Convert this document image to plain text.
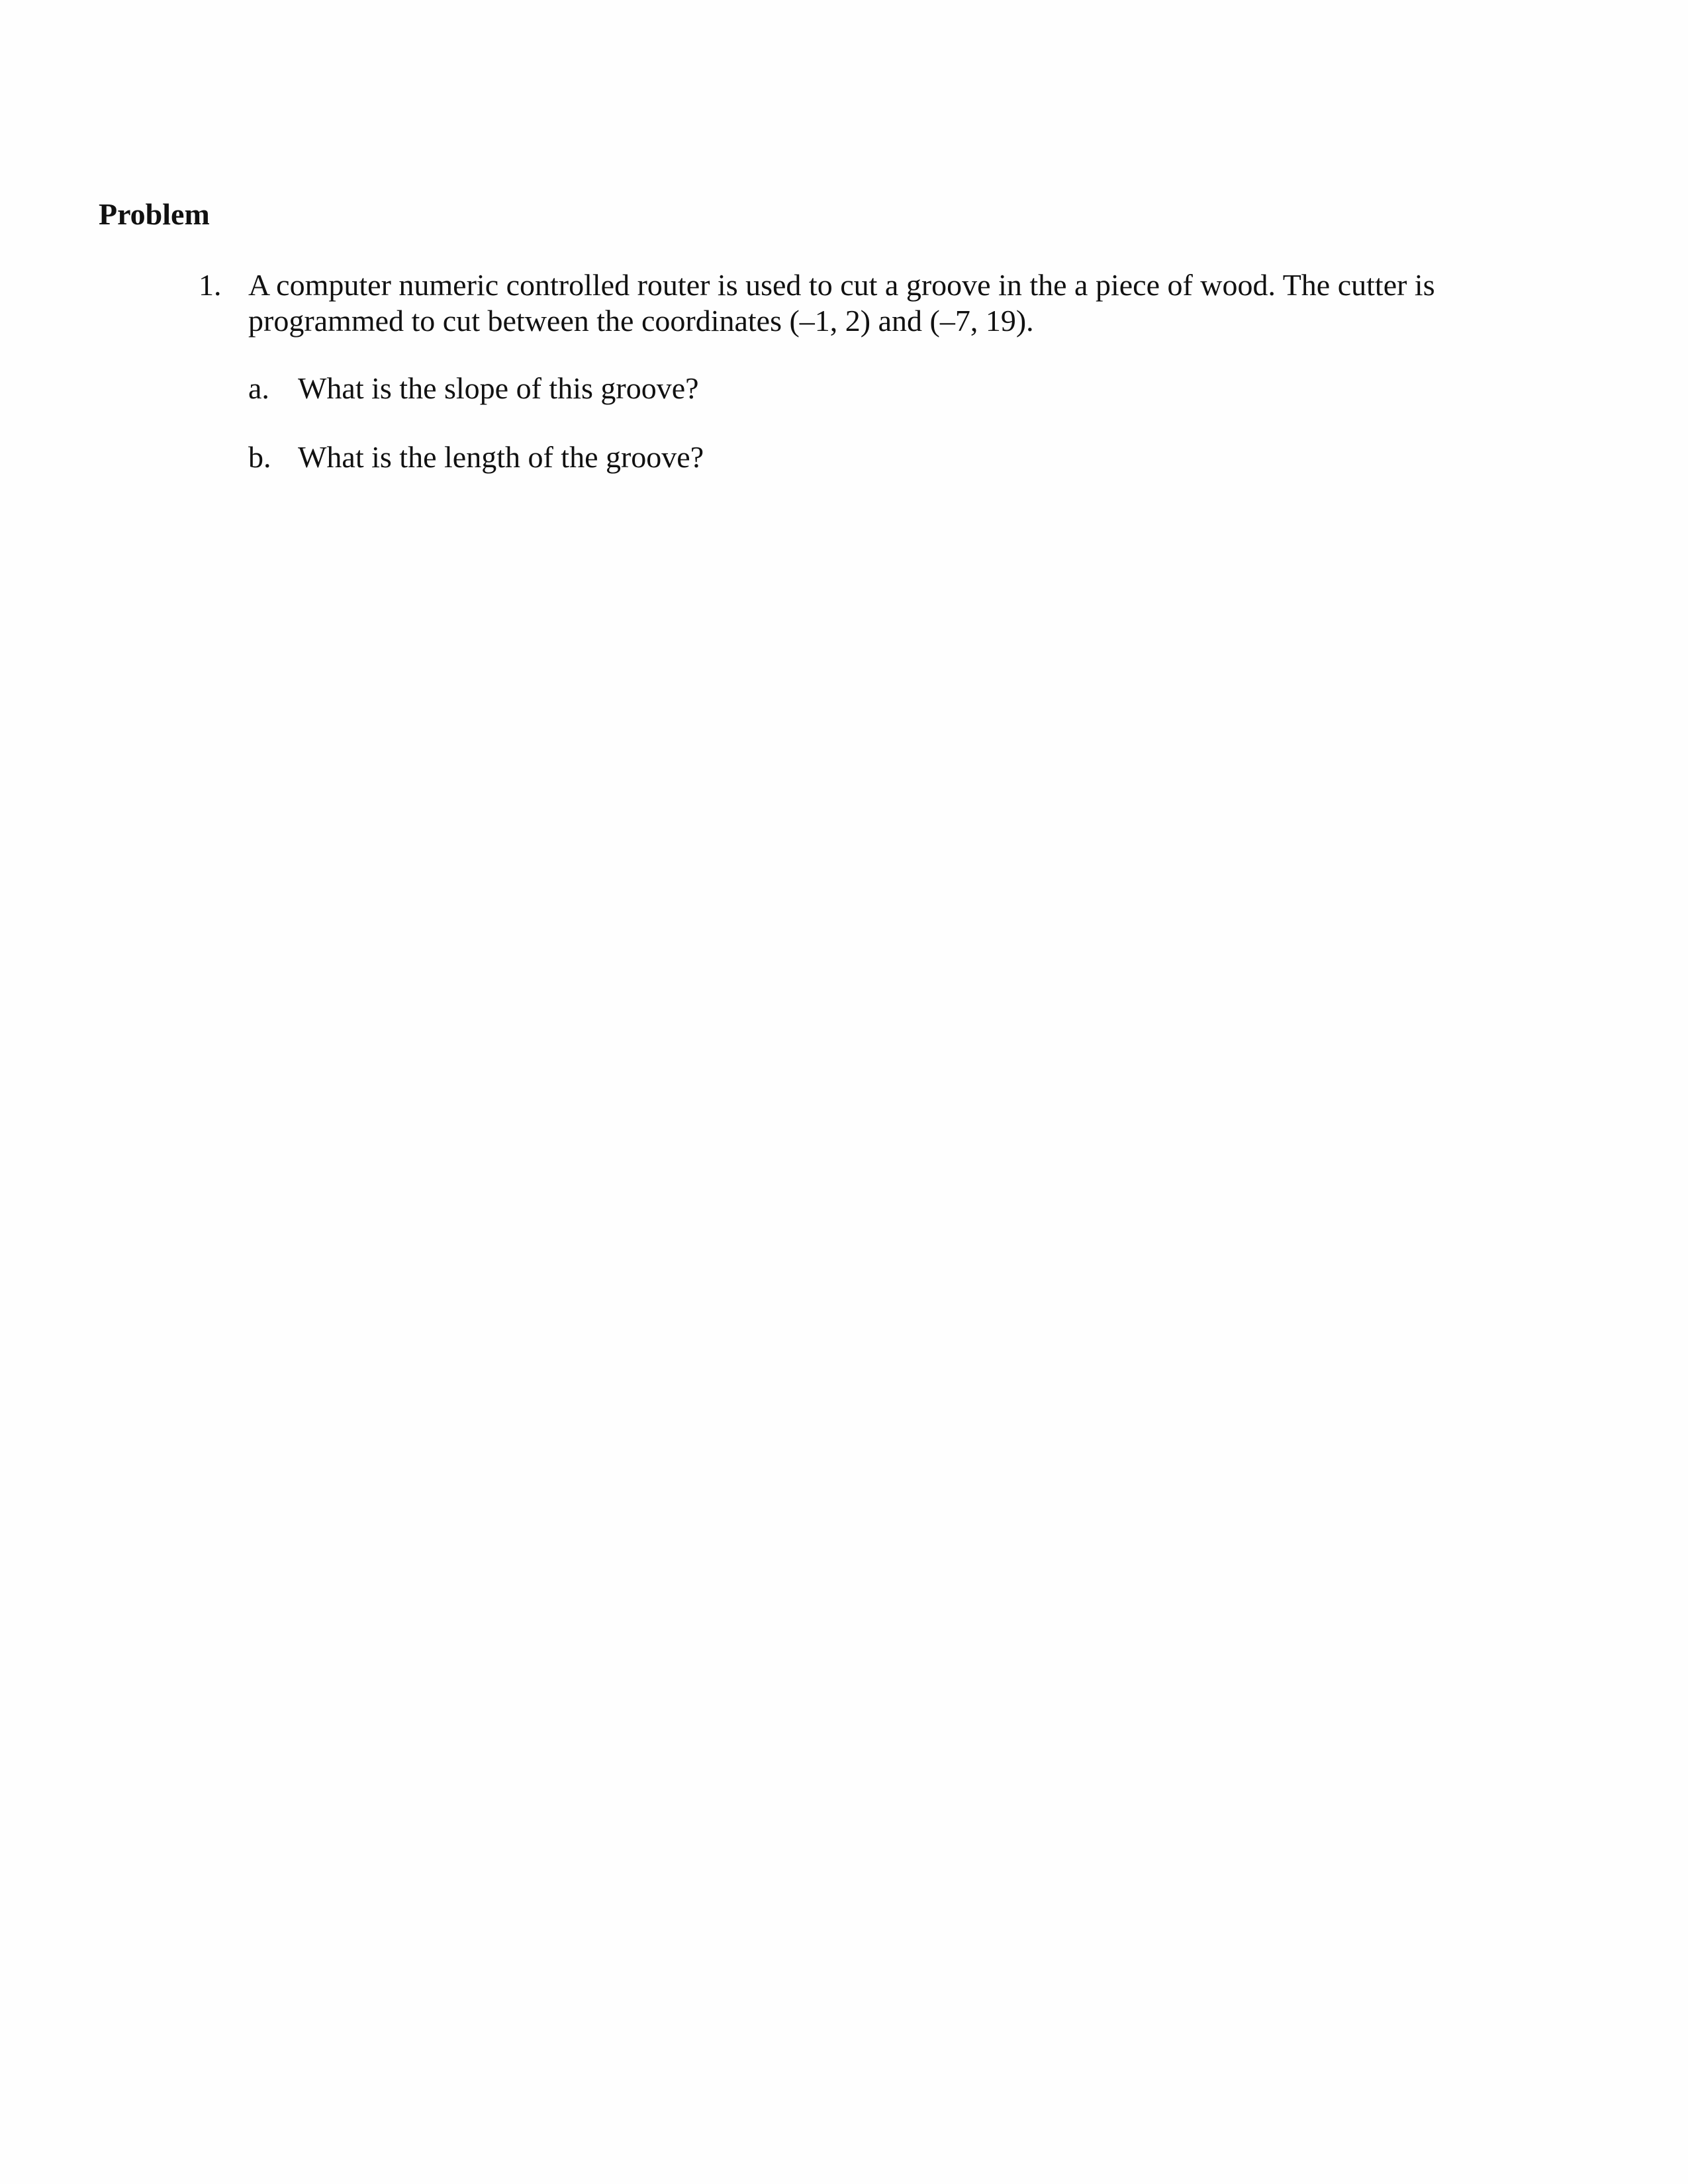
Problem
1. A computer numeric controlled router is used to cut a groove in the a piece of wood. The cutter is programmed to cut between the coordinates (–1, 2) and (–7, 19).
a. What is the slope of this groove?
b. What is the length of the groove?
